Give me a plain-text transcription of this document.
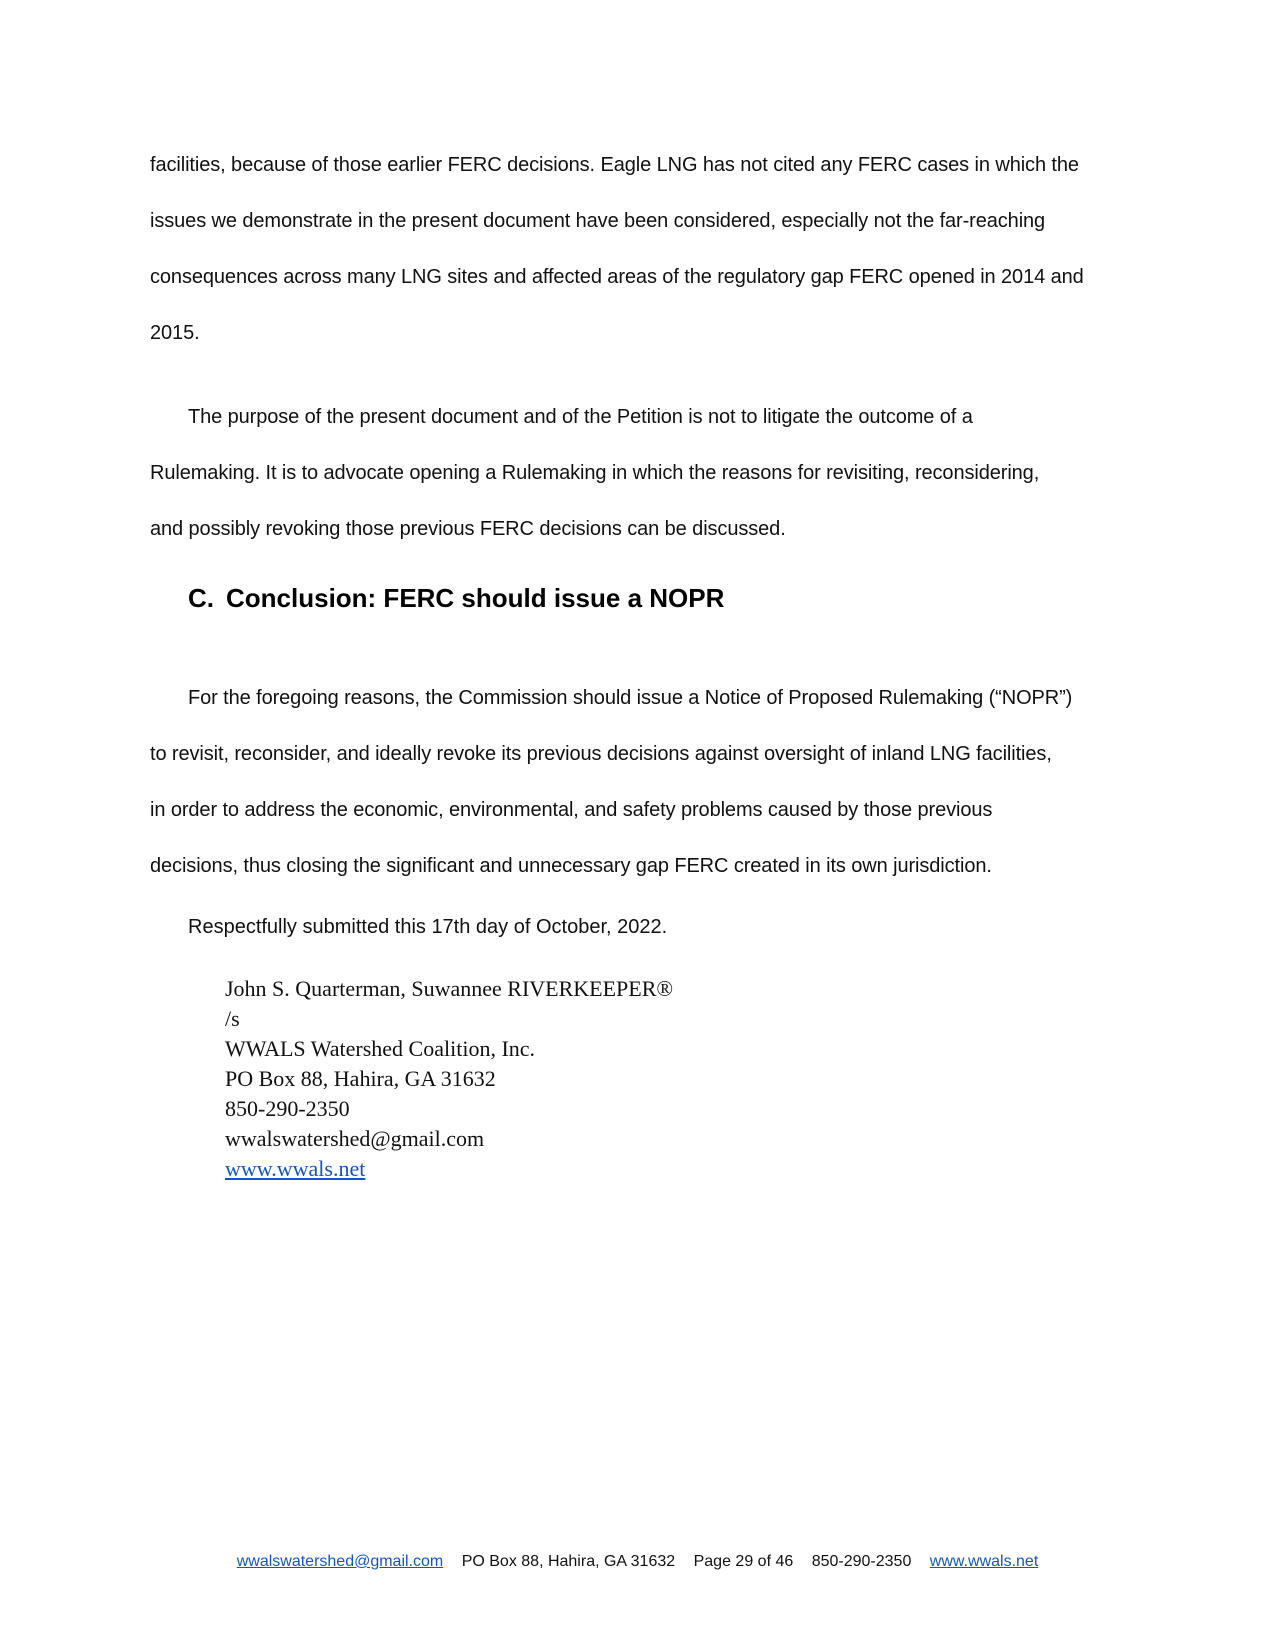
facilities, because of those earlier FERC decisions. Eagle LNG has not cited any FERC cases in which the
issues we demonstrate in the present document have been considered, especially not the far-reaching
consequences across many LNG sites and affected areas of the regulatory gap FERC opened in 2014 and
2015.
The purpose of the present document and of the Petition is not to litigate the outcome of a
Rulemaking. It is to advocate opening a Rulemaking in which the reasons for revisiting, reconsidering,
and possibly revoking those previous FERC decisions can be discussed.
C. Conclusion: FERC should issue a NOPR
For the foregoing reasons, the Commission should issue a Notice of Proposed Rulemaking (“NOPR”)
to revisit, reconsider, and ideally revoke its previous decisions against oversight of inland LNG facilities,
in order to address the economic, environmental, and safety problems caused by those previous
decisions, thus closing the significant and unnecessary gap FERC created in its own jurisdiction.
Respectfully submitted this 17th day of October, 2022.
John S. Quarterman, Suwannee RIVERKEEPER®
/s
WWALS Watershed Coalition, Inc.
PO Box 88, Hahira, GA 31632
850-290-2350
wwalswatershed@gmail.com
www.wwals.net
wwalswatershed@gmail.com PO Box 88, Hahira, GA 31632 Page 29 of 46 850-290-2350 www.wwals.net
